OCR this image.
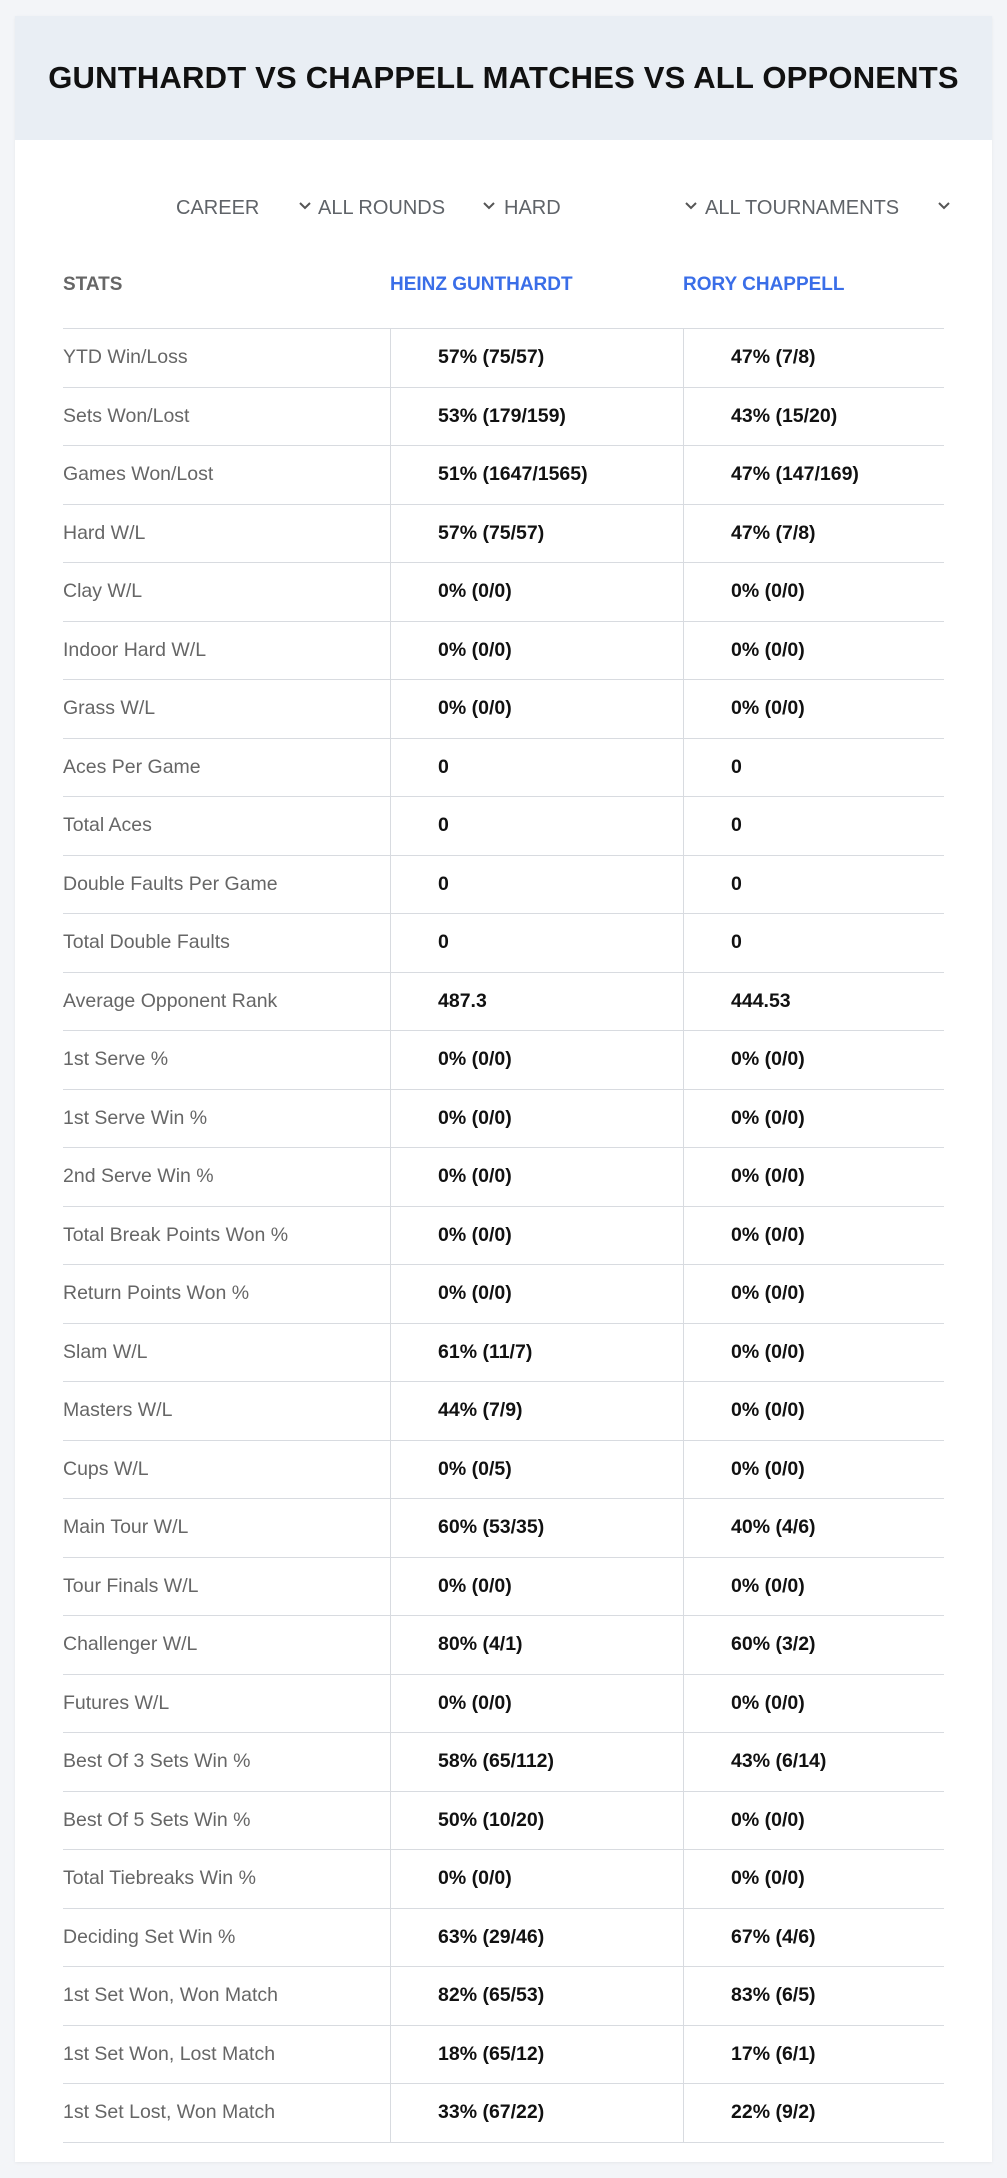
GUNTHARDT VS CHAPPELL MATCHES VS ALL OPPONENTS
CAREER	ALL ROUNDS	HARD	ALL TOURNAMENTS
STATS	HEINZ GUNTHARDT	RORY CHAPPELL
YTD Win/Loss	57% (75/57)	47% (7/8)
Sets Won/Lost	53% (179/159)	43% (15/20)
Games Won/Lost	51% (1647/1565)	47% (147/169)
Hard W/L	57% (75/57)	47% (7/8)
Clay W/L	0% (0/0)	0% (0/0)
Indoor Hard W/L	0% (0/0)	0% (0/0)
Grass W/L	0% (0/0)	0% (0/0)
Aces Per Game	0	0
Total Aces	0	0
Double Faults Per Game	0	0
Total Double Faults	0	0
Average Opponent Rank	487.3	444.53
1st Serve %	0% (0/0)	0% (0/0)
1st Serve Win %	0% (0/0)	0% (0/0)
2nd Serve Win %	0% (0/0)	0% (0/0)
Total Break Points Won %	0% (0/0)	0% (0/0)
Return Points Won %	0% (0/0)	0% (0/0)
Slam W/L	61% (11/7)	0% (0/0)
Masters W/L	44% (7/9)	0% (0/0)
Cups W/L	0% (0/5)	0% (0/0)
Main Tour W/L	60% (53/35)	40% (4/6)
Tour Finals W/L	0% (0/0)	0% (0/0)
Challenger W/L	80% (4/1)	60% (3/2)
Futures W/L	0% (0/0)	0% (0/0)
Best Of 3 Sets Win %	58% (65/112)	43% (6/14)
Best Of 5 Sets Win %	50% (10/20)	0% (0/0)
Total Tiebreaks Win %	0% (0/0)	0% (0/0)
Deciding Set Win %	63% (29/46)	67% (4/6)
1st Set Won, Won Match	82% (65/53)	83% (6/5)
1st Set Won, Lost Match	18% (65/12)	17% (6/1)
1st Set Lost, Won Match	33% (67/22)	22% (9/2)
